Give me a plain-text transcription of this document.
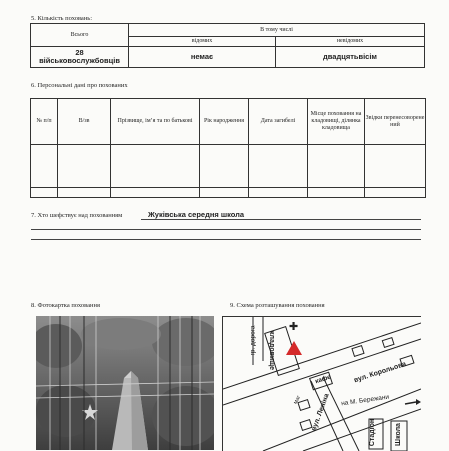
5. Кількість поховань:
Всього	В тому числі	
	відомих	невідомих

28
військовослужбовців	немає	двадцятьвісім
6. Персональні дані про похованих
№ п/п	В/зв	Прізвище, ім’я та по батькові	Рік народження	Дата загибелі	Місце поховання на кладовищі, ділянка кладовища	Звідки перенесоворене ний

7. Хто шефствує над похованням	Жуківська середня школа
8. Фотокартка поховання	9. Схема розташування поховання
гр. дорога кладовище
✚
кафе	вул. Корольова
на М. Бережани
вул. Леніна
маг
Стадіон	Школа
